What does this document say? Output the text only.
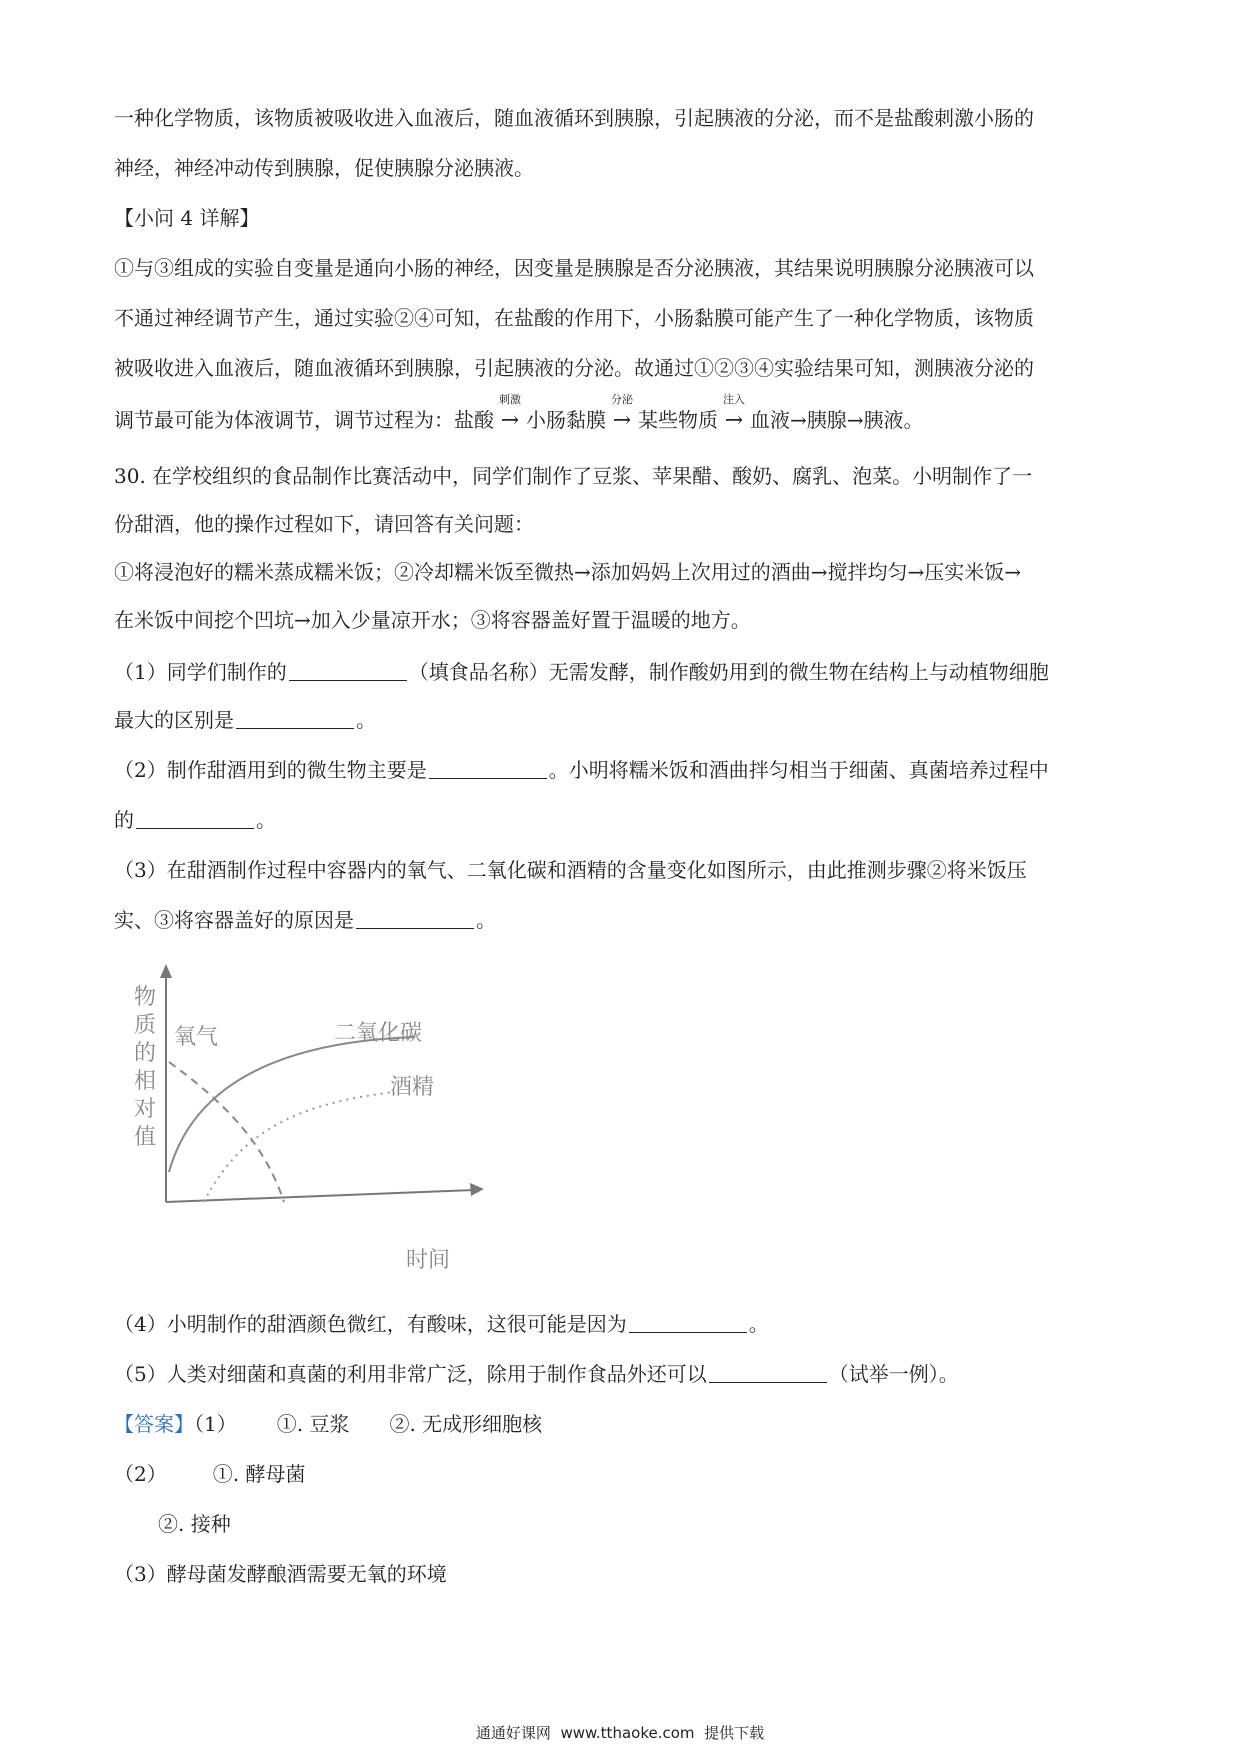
一种化学物质，该物质被吸收进入血液后，随血液循环到胰腺，引起胰液的分泌，而不是盐酸刺激小肠的
神经，神经冲动传到胰腺，促使胰腺分泌胰液。
【小问 4 详解】
①与③组成的实验自变量是通向小肠的神经，因变量是胰腺是否分泌胰液，其结果说明胰腺分泌胰液可以
不通过神经调节产生，通过实验②④可知，在盐酸的作用下，小肠黏膜可能产生了一种化学物质，该物质
被吸收进入血液后，随血液循环到胰腺，引起胰液的分泌。故通过①②③④实验结果可知，测胰液分泌的
调节最可能为体液调节，调节过程为：盐酸
刺激
→ 小肠黏膜
分泌
→ 某些物质
注入
→ 血液→胰腺→胰液。
30. 在学校组织的食品制作比赛活动中，同学们制作了豆浆、苹果醋、酸奶、腐乳、泡菜。小明制作了一
份甜酒，他的操作过程如下，请回答有关问题：
①将浸泡好的糯米蒸成糯米饭；②冷却糯米饭至微热→添加妈妈上次用过的酒曲→搅拌均匀→压实米饭→
在米饭中间挖个凹坑→加入少量凉开水；③将容器盖好置于温暖的地方。
（1）同学们制作的	（填食品名称）无需发酵，制作酸奶用到的微生物在结构上与动植物细胞
最大的区别是	。
（2）制作甜酒用到的微生物主要是	。小明将糯米饭和酒曲拌匀相当于细菌、真菌培养过程中
的	。
（3）在甜酒制作过程中容器内的氧气、二氧化碳和酒精的含量变化如图所示，由此推测步骤②将米饭压
实、③将容器盖好的原因是	。
物
质
的
相
对
值
时间
氧气	二氧化碳
酒精
（4）小明制作的甜酒颜色微红，有酸味，这很可能是因为	。
（5）人类对细菌和真菌的利用非常广泛，除用于制作食品外还可以	（试举一例）。
【答案】（1） ①. 豆浆 ②. 无成形细胞核
（2） ①. 酵母菌
②. 接种
（3）酵母菌发酵酿酒需要无氧的环境
通通好课网 www.tthaoke.com 提供下载
